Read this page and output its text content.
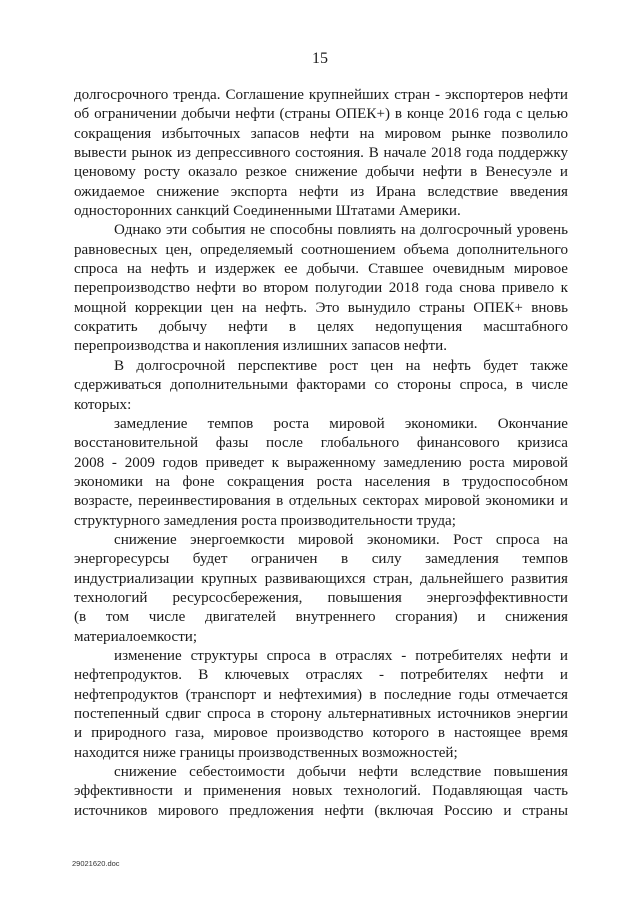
15
долгосрочного тренда. Соглашение крупнейших стран - экспортеров нефти
об ограничении добычи нефти (страны ОПЕК+) в конце 2016 года с целью
сокращения избыточных запасов нефти на мировом рынке позволило
вывести рынок из депрессивного состояния. В начале 2018 года поддержку
ценовому росту оказало резкое снижение добычи нефти в Венесуэле и
ожидаемое снижение экспорта нефти из Ирана вследствие введения
односторонних санкций Соединенными Штатами Америки.
Однако эти события не способны повлиять на долгосрочный уровень
равновесных цен, определяемый соотношением объема дополнительного
спроса на нефть и издержек ее добычи. Ставшее очевидным мировое
перепроизводство нефти во втором полугодии 2018 года снова привело к
мощной коррекции цен на нефть. Это вынудило страны ОПЕК+ вновь
сократить добычу нефти в целях недопущения масштабного
перепроизводства и накопления излишних запасов нефти.
В долгосрочной перспективе рост цен на нефть будет также
сдерживаться дополнительными факторами со стороны спроса, в числе
которых:
замедление темпов роста мировой экономики. Окончание
восстановительной фазы после глобального финансового кризиса
2008 - 2009 годов приведет к выраженному замедлению роста мировой
экономики на фоне сокращения роста населения в трудоспособном
возрасте, переинвестирования в отдельных секторах мировой экономики и
структурного замедления роста производительности труда;
снижение энергоемкости мировой экономики. Рост спроса на
энергоресурсы будет ограничен в силу замедления темпов
индустриализации крупных развивающихся стран, дальнейшего развития
технологий ресурсосбережения, повышения энергоэффективности
(в том числе двигателей внутреннего сгорания) и снижения
материалоемкости;
изменение структуры спроса в отраслях - потребителях нефти и
нефтепродуктов. В ключевых отраслях - потребителях нефти и
нефтепродуктов (транспорт и нефтехимия) в последние годы отмечается
постепенный сдвиг спроса в сторону альтернативных источников энергии
и природного газа, мировое производство которого в настоящее время
находится ниже границы производственных возможностей;
снижение себестоимости добычи нефти вследствие повышения
эффективности и применения новых технологий. Подавляющая часть
источников мирового предложения нефти (включая Россию и страны
29021620.doc
